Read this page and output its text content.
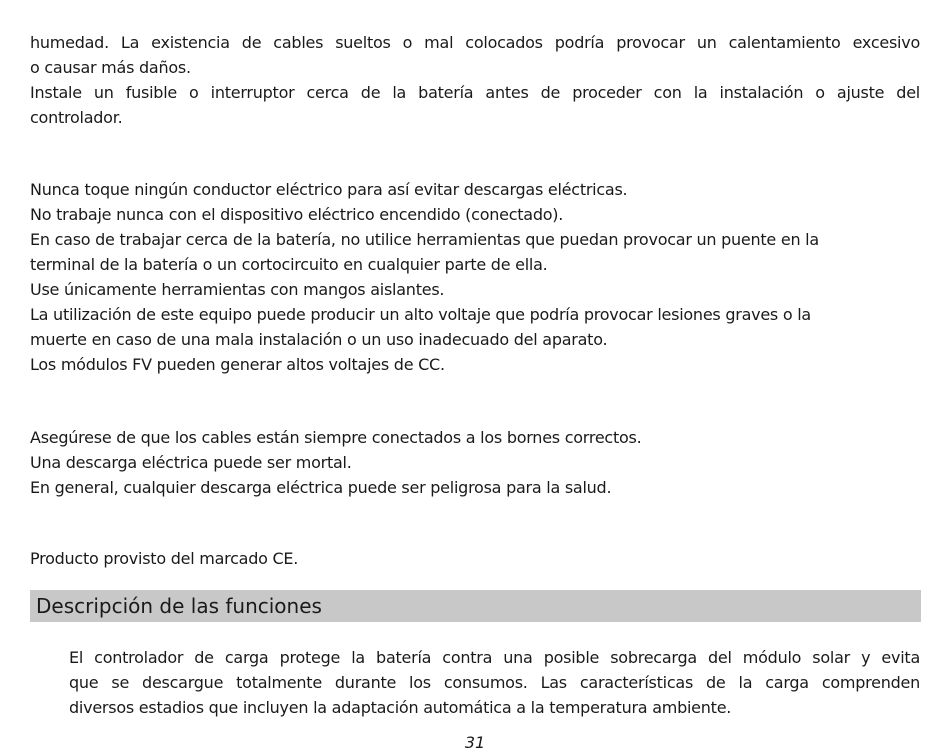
humedad. La existencia de cables sueltos o mal colocados podría provocar un calentamiento excesivo
o causar más daños.
Instale un fusible o interruptor cerca de la batería antes de proceder con la instalación o ajuste del
controlador.
Nunca toque ningún conductor eléctrico para así evitar descargas eléctricas.
No trabaje nunca con el dispositivo eléctrico encendido (conectado).
En caso de trabajar cerca de la batería, no utilice herramientas que puedan provocar un puente en la
terminal de la batería o un cortocircuito en cualquier parte de ella.
Use únicamente herramientas con mangos aislantes.
La utilización de este equipo puede producir un alto voltaje que podría provocar lesiones graves o la
muerte en caso de una mala instalación o un uso inadecuado del aparato.
Los módulos FV pueden generar altos voltajes de CC.
Asegúrese de que los cables están siempre conectados a los bornes correctos.
Una descarga eléctrica puede ser mortal.
En general, cualquier descarga eléctrica puede ser peligrosa para la salud.
Producto provisto del marcado CE.
Descripción de las funciones
El controlador de carga protege la batería contra una posible sobrecarga del módulo solar y evita
que se descargue totalmente durante los consumos. Las características de la carga comprenden
diversos estadios que incluyen la adaptación automática a la temperatura ambiente.
31
